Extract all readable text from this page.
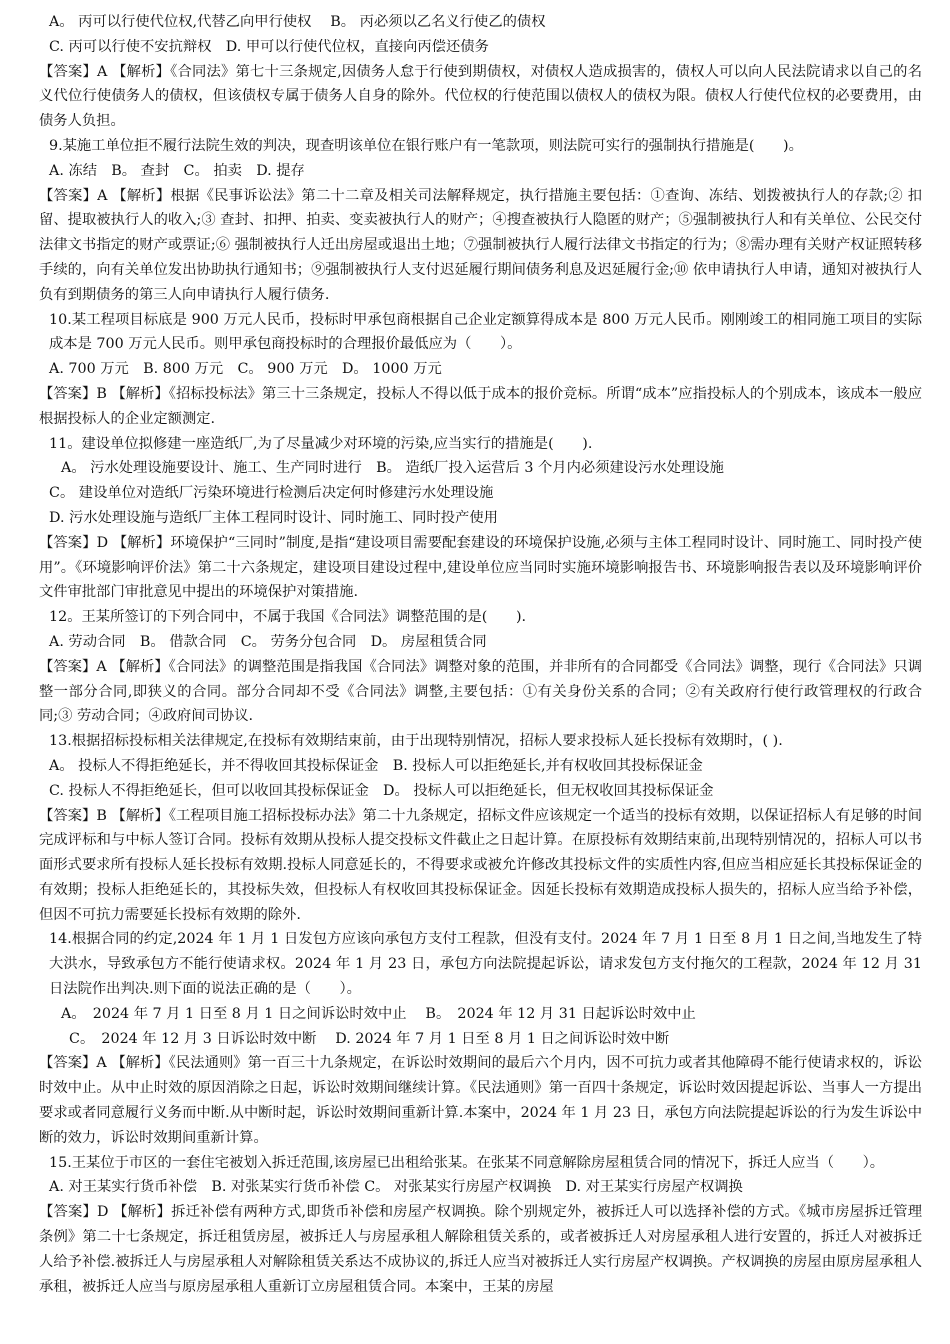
A。 丙可以行使代位权,代替乙向甲行使权 　B。 丙必须以乙名义行使乙的债权
C. 丙可以行使不安抗辩权　D. 甲可以行使代位权，直接向丙偿还债务

【答案】A 【解析】《合同法》第七十三条规定,因债务人怠于行使到期债权，对债权人造成损害的，债权人可以向人民法院请求以自己的名义代位行使债务人的债权，但该债权专属于债务人自身的除外。代位权的行使范围以债权人的债权为限。债权人行使代位权的必要费用，由债务人负担。

9.某施工单位拒不履行法院生效的判决，现查明该单位在银行账户有一笔款项，则法院可实行的强制执行措施是(　　)。

A. 冻结　B。 查封　C。 拍卖　D. 提存

【答案】A 【解析】根据《民事诉讼法》第二十二章及相关司法解释规定，执行措施主要包括：①查询、冻结、划拨被执行人的存款;② 扣留、提取被执行人的收入;③ 查封、扣押、拍卖、变卖被执行人的财产；④搜查被执行人隐匿的财产；⑤强制被执行人和有关单位、公民交付法律文书指定的财产或票证;⑥ 强制被执行人迁出房屋或退出土地；⑦强制被执行人履行法律文书指定的行为；⑧需办理有关财产权证照转移手续的，向有关单位发出协助执行通知书；⑨强制被执行人支付迟延履行期间债务利息及迟延履行金;⑩ 依申请执行人申请，通知对被执行人负有到期债务的第三人向申请执行人履行债务.

10.某工程项目标底是 900 万元人民币，投标时甲承包商根据自己企业定额算得成本是 800 万元人民币。刚刚竣工的相同施工项目的实际成本是 700 万元人民币。则甲承包商投标时的合理报价最低应为（　　）。

A. 700 万元　B. 800 万元　C。 900 万元　D。 1000 万元

【答案】B 【解析】《招标投标法》第三十三条规定，投标人不得以低于成本的报价竞标。所谓“成本”应指投标人的个别成本，该成本一般应根据投标人的企业定额测定.

11。建设单位拟修建一座造纸厂,为了尽量减少对环境的污染,应当实行的措施是(　　).

A。 污水处理设施要设计、施工、生产同时进行　B。 造纸厂投入运营后 3 个月内必须建设污水处理设施
C。 建设单位对造纸厂污染环境进行检测后决定何时修建污水处理设施
D. 污水处理设施与造纸厂主体工程同时设计、同时施工、同时投产使用

【答案】D 【解析】环境保护“三同时”制度,是指“建设项目需要配套建设的环境保护设施,必须与主体工程同时设计、同时施工、同时投产使用”。《环境影响评价法》第二十六条规定，建设项目建设过程中,建设单位应当同时实施环境影响报告书、环境影响报告表以及环境影响评价文件审批部门审批意见中提出的环境保护对策措施.

12。王某所签订的下列合同中，不属于我国《合同法》调整范围的是(　　).

A. 劳动合同　B。 借款合同　C。 劳务分包合同　D。 房屋租赁合同

【答案】A 【解析】《合同法》的调整范围是指我国《合同法》调整对象的范围，并非所有的合同都受《合同法》调整，现行《合同法》只调整一部分合同,即狭义的合同。部分合同却不受《合同法》调整,主要包括：①有关身份关系的合同；②有关政府行使行政管理权的行政合同;③ 劳动合同；④政府间司协议.

13.根据招标投标相关法律规定,在投标有效期结束前，由于出现特别情况，招标人要求投标人延长投标有效期时，( ).

A。 投标人不得拒绝延长，并不得收回其投标保证金　B. 投标人可以拒绝延长,并有权收回其投标保证金
C. 投标人不得拒绝延长，但可以收回其投标保证金　D。 投标人可以拒绝延长，但无权收回其投标保证金

【答案】B 【解析】《工程项目施工招标投标办法》第二十九条规定，招标文件应该规定一个适当的投标有效期，以保证招标人有足够的时间完成评标和与中标人签订合同。投标有效期从投标人提交投标文件截止之日起计算。在原投标有效期结束前,出现特别情况的，招标人可以书面形式要求所有投标人延长投标有效期.投标人同意延长的，不得要求或被允许修改其投标文件的实质性内容,但应当相应延长其投标保证金的有效期；投标人拒绝延长的，其投标失效，但投标人有权收回其投标保证金。因延长投标有效期造成投标人损失的，招标人应当给予补偿，但因不可抗力需要延长投标有效期的除外.

14.根据合同的约定,2024 年 1 月 1 日发包方应该向承包方支付工程款，但没有支付。2024 年 7 月 1 日至 8 月 1 日之间,当地发生了特大洪水，导致承包方不能行使请求权。2024 年 1 月 23 日，承包方向法院提起诉讼，请求发包方支付拖欠的工程款，2024 年 12 月 31 日法院作出判决.则下面的说法正确的是（　　）。

A。　2024 年 7 月 1 日至 8 月 1 日之间诉讼时效中止　 B。　2024 年 12 月 31 日起诉讼时效中止
C。　2024 年 12 月 3 日诉讼时效中断　 D. 2024 年 7 月 1 日至 8 月 1 日之间诉讼时效中断

【答案】A 【解析】《民法通则》第一百三十九条规定，在诉讼时效期间的最后六个月内，因不可抗力或者其他障碍不能行使请求权的，诉讼时效中止。从中止时效的原因消除之日起，诉讼时效期间继续计算。《民法通则》第一百四十条规定，诉讼时效因提起诉讼、当事人一方提出要求或者同意履行义务而中断.从中断时起，诉讼时效期间重新计算.本案中，2024 年 1 月 23 日，承包方向法院提起诉讼的行为发生诉讼中断的效力，诉讼时效期间重新计算。

15.王某位于市区的一套住宅被划入拆迁范围,该房屋已出租给张某。在张某不同意解除房屋租赁合同的情况下，拆迁人应当（　　）。

A. 对王某实行货币补偿　B. 对张某实行货币补偿 C。 对张某实行房屋产权调换　D. 对王某实行房屋产权调换

【答案】D 【解析】拆迁补偿有两种方式,即货币补偿和房屋产权调换。除个别规定外，被拆迁人可以选择补偿的方式。《城市房屋拆迁管理条例》第二十七条规定，拆迁租赁房屋，被拆迁人与房屋承租人解除租赁关系的，或者被拆迁人对房屋承租人进行安置的，拆迁人对被拆迁人给予补偿.被拆迁人与房屋承租人对解除租赁关系达不成协议的,拆迁人应当对被拆迁人实行房屋产权调换。产权调换的房屋由原房屋承租人承租，被拆迁人应当与原房屋承租人重新订立房屋租赁合同。本案中，王某的房屋
